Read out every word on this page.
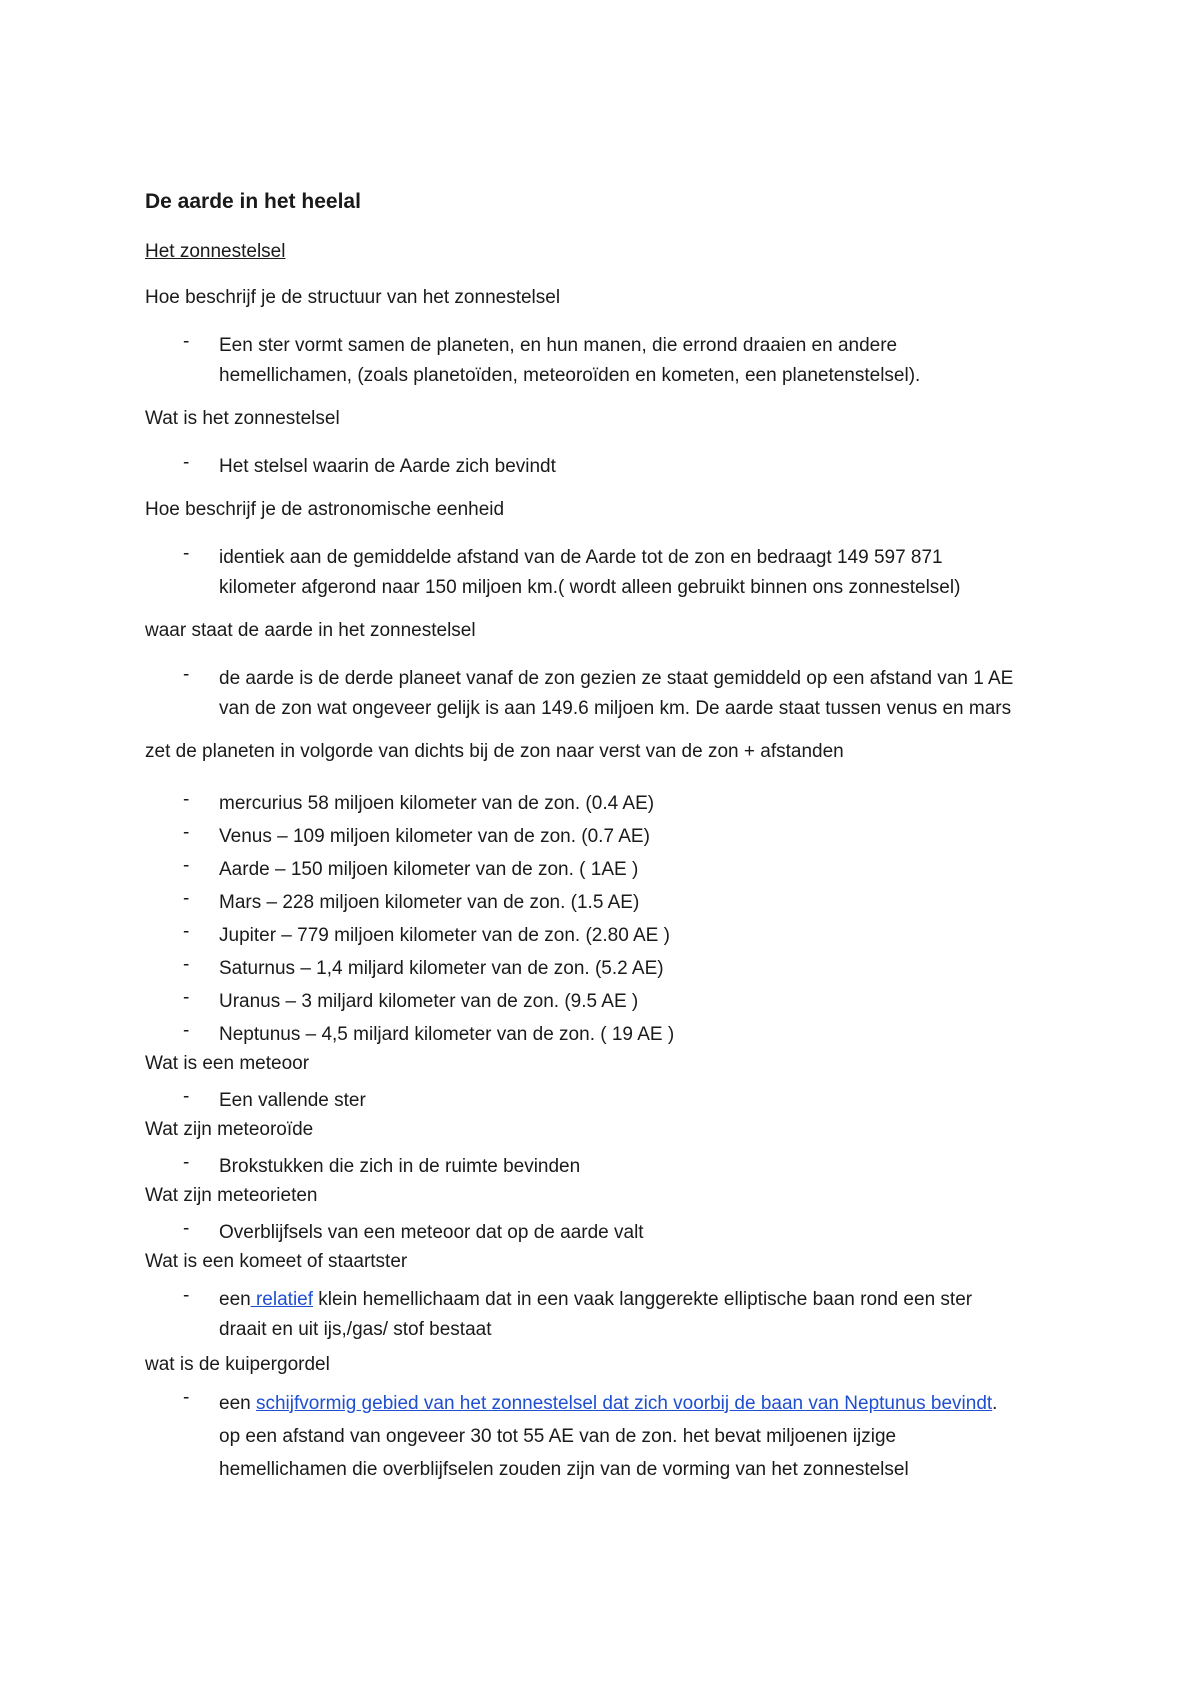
De aarde in het heelal

Het zonnestelsel

Hoe beschrijf je de structuur van het zonnestelsel

- Een ster vormt samen de planeten, en hun manen, die errond draaien en andere
hemellichamen, (zoals planetoïden, meteoroïden en kometen, een planetenstelsel).

Wat is het zonnestelsel

- Het stelsel waarin de Aarde zich bevindt

Hoe beschrijf je de astronomische eenheid

- identiek aan de gemiddelde afstand van de Aarde tot de zon en bedraagt 149 597 871
kilometer afgerond naar 150 miljoen km.( wordt alleen gebruikt binnen ons zonnestelsel)

waar staat de aarde in het zonnestelsel

- de aarde is de derde planeet vanaf de zon gezien ze staat gemiddeld op een afstand van 1 AE
van de zon wat ongeveer gelijk is aan 149.6 miljoen km. De aarde staat tussen venus en mars

zet de planeten in volgorde van dichts bij de zon naar verst van de zon + afstanden

- mercurius 58 miljoen kilometer van de zon. (0.4 AE)
- Venus – 109 miljoen kilometer van de zon. (0.7 AE)
- Aarde – 150 miljoen kilometer van de zon. ( 1AE )
- Mars – 228 miljoen kilometer van de zon. (1.5 AE)
- Jupiter – 779 miljoen kilometer van de zon. (2.80 AE )
- Saturnus – 1,4 miljard kilometer van de zon. (5.2 AE)
- Uranus – 3 miljard kilometer van de zon. (9.5 AE )
- Neptunus – 4,5 miljard kilometer van de zon. ( 19 AE )

Wat is een meteoor

- Een vallende ster

Wat zijn meteoroïde

- Brokstukken die zich in de ruimte bevinden

Wat zijn meteorieten

- Overblijfsels van een meteoor dat op de aarde valt

Wat is een komeet of staartster

- een relatief klein hemellichaam dat in een vaak langgerekte elliptische baan rond een ster
draait en uit ijs,/gas/ stof bestaat

wat is de kuipergordel

- een schijfvormig gebied van het zonnestelsel dat zich voorbij de baan van Neptunus bevindt.
op een afstand van ongeveer 30 tot 55 AE van de zon. het bevat miljoenen ijzige
hemellichamen die overblijfselen zouden zijn van de vorming van het zonnestelsel
